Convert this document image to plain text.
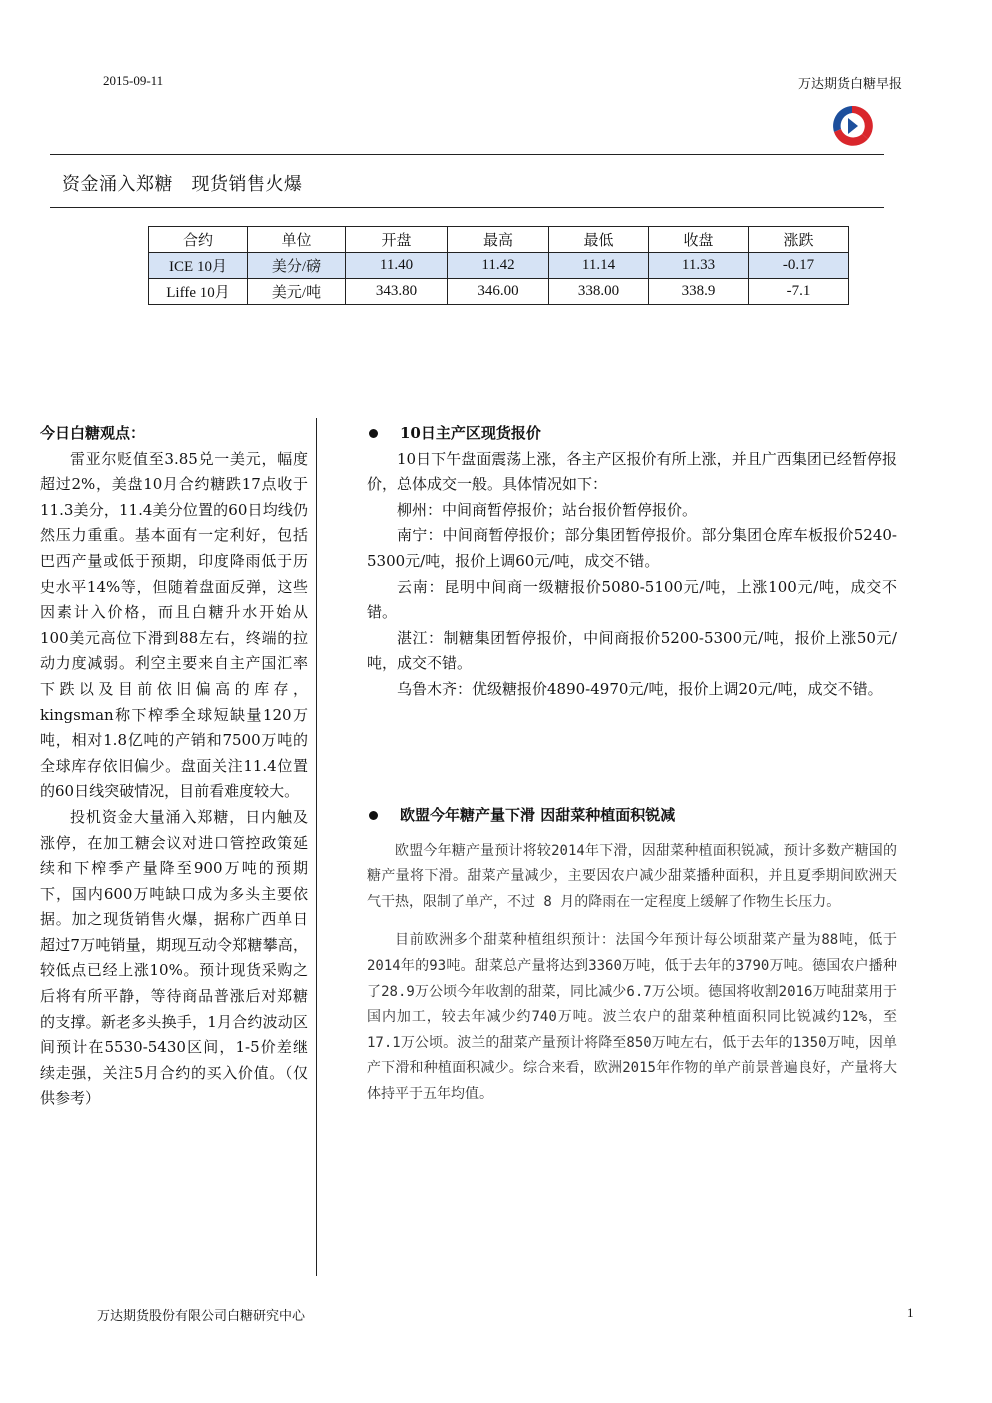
2015-09-11	万达期货白糖早报
资金涌入郑糖　现货销售火爆
合约	单位	开盘	最高	最低	收盘	涨跌
ICE 10月	美分/磅	11.40	11.42	11.14	11.33	-0.17
Liffe 10月	美元/吨	343.80	346.00	338.00	338.9	-7.1
今日白糖观点：

雷亚尔贬值至3.85兑一美元，幅度超过2%，美盘10月合约糖跌17点收于11.3美分，11.4美分位置的60日均线仍然压力重重。基本面有一定利好，包括巴西产量或低于预期，印度降雨低于历史水平14%等，但随着盘面反弹，这些因素计入价格，而且白糖升水开始从100美元高位下滑到88左右，终端的拉动力度减弱。利空主要来自主产国汇率下跌以及目前依旧偏高的库存，kingsman称下榨季全球短缺量120万吨，相对1.8亿吨的产销和7500万吨的全球库存依旧偏少。盘面关注11.4位置的60日线突破情况，目前看难度较大。

投机资金大量涌入郑糖，日内触及涨停，在加工糖会议对进口管控政策延续和下榨季产量降至900万吨的预期下，国内600万吨缺口成为多头主要依据。加之现货销售火爆，据称广西单日超过7万吨销量，期现互动令郑糖攀高，较低点已经上涨10%。预计现货采购之后将有所平静，等待商品普涨后对郑糖的支撑。新老多头换手，1月合约波动区间预计在5530-5430区间，1-5价差继续走强，关注5月合约的买入价值。（仅供参考）

10日主产区现货报价

10日下午盘面震荡上涨，各主产区报价有所上涨，并且广西集团已经暂停报价，总体成交一般。具体情况如下：

柳州：中间商暂停报价；站台报价暂停报价。

南宁：中间商暂停报价；部分集团暂停报价。部分集团仓库车板报价5240-5300元/吨，报价上调60元/吨，成交不错。

云南：昆明中间商一级糖报价5080-5100元/吨，上涨100元/吨，成交不错。

湛江：制糖集团暂停报价，中间商报价5200-5300元/吨，报价上涨50元/吨，成交不错。

乌鲁木齐：优级糖报价4890-4970元/吨，报价上调20元/吨，成交不错。

欧盟今年糖产量下滑 因甜菜种植面积锐减

欧盟今年糖产量预计将较2014年下滑，因甜菜种植面积锐减，预计多数产糖国的糖产量将下滑。甜菜产量减少，主要因农户减少甜菜播种面积，并且夏季期间欧洲天气干热，限制了单产，不过 8 月的降雨在一定程度上缓解了作物生长压力。

目前欧洲多个甜菜种植组织预计：法国今年预计每公顷甜菜产量为88吨，低于2014年的93吨。甜菜总产量将达到3360万吨，低于去年的3790万吨。德国农户播种了28.9万公顷今年收割的甜菜，同比减少6.7万公顷。德国将收割2016万吨甜菜用于国内加工，较去年减少约740万吨。波兰农户的甜菜种植面积同比锐减约12%，至17.1万公顷。波兰的甜菜产量预计将降至850万吨左右，低于去年的1350万吨，因单产下滑和种植面积减少。综合来看，欧洲2015年作物的单产前景普遍良好，产量将大体持平于五年均值。

万达期货股份有限公司白糖研究中心	1
